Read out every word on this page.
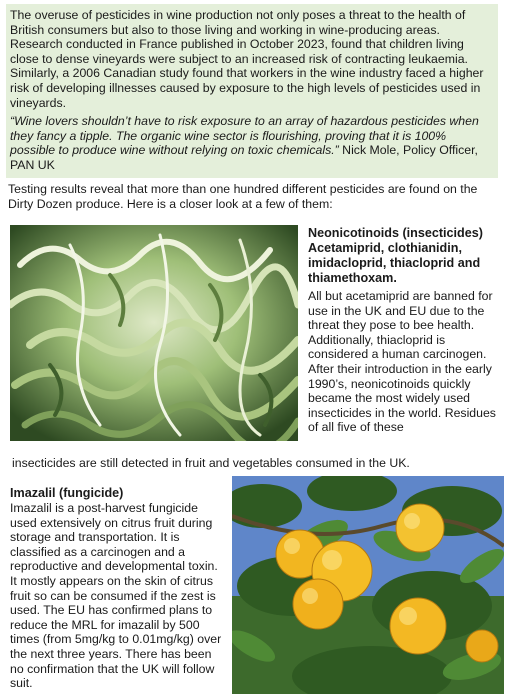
The overuse of pesticides in wine production not only poses a threat to the health of British consumers but also to those living and working in wine-producing areas. Research conducted in France published in October 2023, found that children living close to dense vineyards were subject to an increased risk of contracting leukaemia. Similarly, a 2006 Canadian study found that workers in the wine industry faced a higher risk of developing illnesses caused by exposure to the high levels of pesticides used in vineyards.

“Wine lovers shouldn’t have to risk exposure to an array of hazardous pesticides when they fancy a tipple. The organic wine sector is flourishing, proving that it is 100% possible to produce wine without relying on toxic chemicals.” Nick Mole, Policy Officer, PAN UK

Testing results reveal that more than one hundred different pesticides are found on the Dirty Dozen produce. Here is a closer look at a few of them:

Neonicotinoids (insecticides) Acetamiprid, clothianidin, imidacloprid, thiacloprid and thiamethoxam.

All but acetamiprid are banned for use in the UK and EU due to the threat they pose to bee health. Additionally, thiacloprid is considered a human carcinogen. After their introduction in the early 1990’s, neonicotinoids quickly became the most widely used insecticides in the world. Residues of all five of these

insecticides are still detected in fruit and vegetables consumed in the UK.

Imazalil (fungicide)

Imazalil is a post-harvest fungicide used extensively on citrus fruit during storage and transportation. It is classified as a carcinogen and a reproductive and developmental toxin. It mostly appears on the skin of citrus fruit so can be consumed if the zest is used. The EU has confirmed plans to reduce the MRL for imazalil by 500 times (from 5mg/kg to 0.01mg/kg) over the next three years. There has been no confirmation that the UK will follow suit.
